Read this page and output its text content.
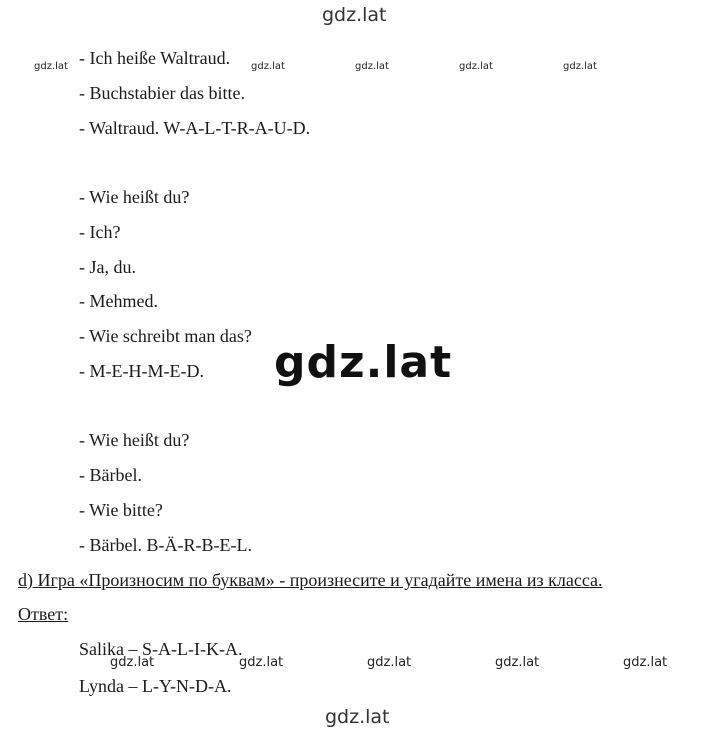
gdz.lat
gdz.lat	gdz.lat	gdz.lat	gdz.lat	gdz.lat
- Ich heiße Waltraud.
- Buchstabier das bitte.
- Waltraud. W-A-L-T-R-A-U-D.
- Wie heißt du?
- Ich?
- Ja, du.
- Mehmed.
- Wie schreibt man das?
- M-E-H-M-E-D. gdz.lat
- Wie heißt du?
- Bärbel.
- Wie bitte?
- Bärbel. B-Ä-R-B-E-L.
d) Игра «Произносим по буквам» - произнесите и угадайте имена из класса.
Ответ:
Salika – S-A-L-I-K-A.
gdz.lat	gdz.lat	gdz.lat	gdz.lat	gdz.lat
Lynda – L-Y-N-D-A.
gdz.lat
